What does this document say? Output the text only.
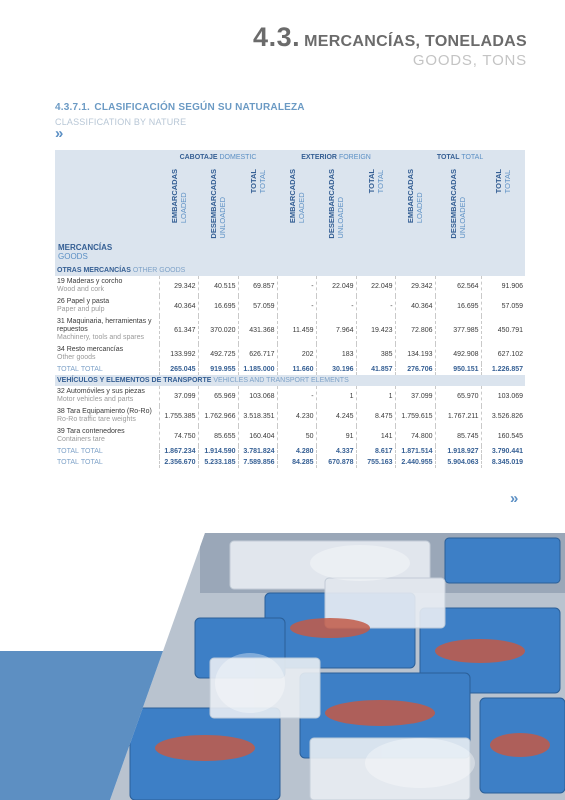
4.3. MERCANCÍAS, TONELADAS
GOODS, TONS
4.3.7.1. CLASIFICACIÓN SEGÚN SU NATURALEZA
CLASSIFICATION BY NATURE
»
MERCANCÍAS
GOODS	CABOTAJE DOMESTIC			EXTERIOR FOREIGN			TOTAL TOTAL		

	EMBARCADAS LOADED	DESEMBARCADAS UNLOADED	TOTAL TOTAL	EMBARCADAS LOADED	DESEMBARCADAS UNLOADED	TOTAL TOTAL	EMBARCADAS LOADED	DESEMBARCADAS UNLOADED	TOTAL TOTAL

OTRAS MERCANCÍAS OTHER GOODS									
19 Maderas y corcho
Wood and cork	29.342	40.515	69.857	-	22.049	22.049	29.342	62.564	91.906
26 Papel y pasta
Paper and pulp	40.364	16.695	57.059	-	-	-	40.364	16.695	57.059
31 Maquinaria, herramientas y repuestos
Machinery, tools and spares	61.347	370.020	431.368	11.459	7.964	19.423	72.806	377.985	450.791
34 Resto mercancías
Other goods	133.992	492.725	626.717	202	183	385	134.193	492.908	627.102
TOTAL TOTAL	265.045	919.955	1.185.000	11.660	30.196	41.857	276.706	950.151	1.226.857
VEHÍCULOS Y ELEMENTOS DE TRANSPORTE VEHICLES AND TRANSPORT ELEMENTS									
32 Automóviles y sus piezas
Motor vehicles and parts	37.099	65.969	103.068	-	1	1	37.099	65.970	103.069
38 Tara Equipamiento (Ro-Ro)
Ro-Ro traffic tare weights	1.755.385	1.762.966	3.518.351	4.230	4.245	8.475	1.759.615	1.767.211	3.526.826
39 Tara contenedores
Containers tare	74.750	85.655	160.404	50	91	141	74.800	85.745	160.545
TOTAL TOTAL	1.867.234	1.914.590	3.781.824	4.280	4.337	8.617	1.871.514	1.918.927	3.790.441
TOTAL TOTAL	2.356.670	5.233.185	7.589.856	84.285	670.878	755.163	2.440.955	5.904.063	8.345.019
»
